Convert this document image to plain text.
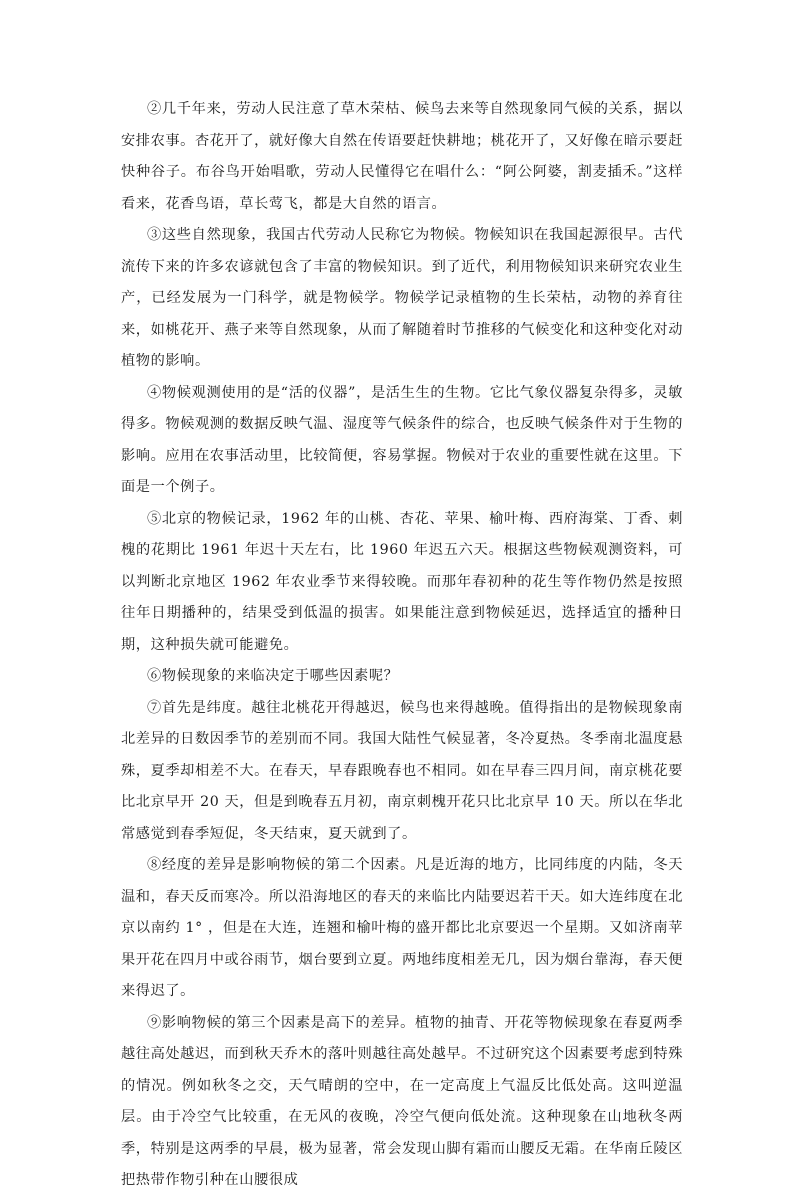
②几千年来，劳动人民注意了草木荣枯、候鸟去来等自然现象同气候的关系，据以安排农事。杏花开了，就好像大自然在传语要赶快耕地；桃花开了，又好像在暗示要赶快种谷子。布谷鸟开始唱歌，劳动人民懂得它在唱什么：“阿公阿婆，割麦插禾。”这样看来，花香鸟语，草长莺飞，都是大自然的语言。

③这些自然现象，我国古代劳动人民称它为物候。物候知识在我国起源很早。古代流传下来的许多农谚就包含了丰富的物候知识。到了近代，利用物候知识来研究农业生产，已经发展为一门科学，就是物候学。物候学记录植物的生长荣枯，动物的养育往来，如桃花开、燕子来等自然现象，从而了解随着时节推移的气候变化和这种变化对动植物的影响。

④物候观测使用的是“活的仪器”，是活生生的生物。它比气象仪器复杂得多，灵敏得多。物候观测的数据反映气温、湿度等气候条件的综合，也反映气候条件对于生物的影响。应用在农事活动里，比较简便，容易掌握。物候对于农业的重要性就在这里。下面是一个例子。

⑤北京的物候记录，1962 年的山桃、杏花、苹果、榆叶梅、西府海棠、丁香、刺槐的花期比 1961 年迟十天左右，比 1960 年迟五六天。根据这些物候观测资料，可以判断北京地区 1962 年农业季节来得较晚。而那年春初种的花生等作物仍然是按照往年日期播种的，结果受到低温的损害。如果能注意到物候延迟，选择适宜的播种日期，这种损失就可能避免。

⑥物候现象的来临决定于哪些因素呢？

⑦首先是纬度。越往北桃花开得越迟，候鸟也来得越晚。值得指出的是物候现象南北差异的日数因季节的差别而不同。我国大陆性气候显著，冬冷夏热。冬季南北温度悬殊，夏季却相差不大。在春天，早春跟晚春也不相同。如在早春三四月间，南京桃花要比北京早开 20 天，但是到晚春五月初，南京刺槐开花只比北京早 10 天。所以在华北常感觉到春季短促，冬天结束，夏天就到了。

⑧经度的差异是影响物候的第二个因素。凡是近海的地方，比同纬度的内陆，冬天温和，春天反而寒冷。所以沿海地区的春天的来临比内陆要迟若干天。如大连纬度在北京以南约 1° ，但是在大连，连翘和榆叶梅的盛开都比北京要迟一个星期。又如济南苹果开花在四月中或谷雨节，烟台要到立夏。两地纬度相差无几，因为烟台靠海，春天便来得迟了。

⑨影响物候的第三个因素是高下的差异。植物的抽青、开花等物候现象在春夏两季越往高处越迟，而到秋天乔木的落叶则越往高处越早。不过研究这个因素要考虑到特殊的情况。例如秋冬之交，天气晴朗的空中，在一定高度上气温反比低处高。这叫逆温层。由于冷空气比较重，在无风的夜晚，冷空气便向低处流。这种现象在山地秋冬两季，特别是这两季的早晨，极为显著，常会发现山脚有霜而山腰反无霜。在华南丘陵区把热带作物引种在山腰很成
